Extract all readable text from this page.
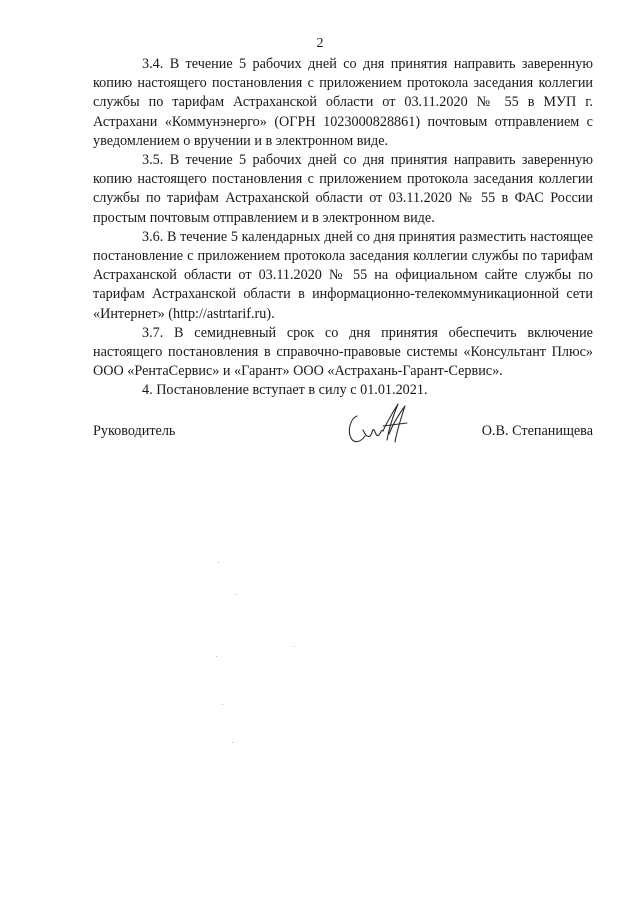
2

3.4. В течение 5 рабочих дней со дня принятия направить заверенную копию настоящего постановления с приложением протокола заседания коллегии службы по тарифам Астраханской области от 03.11.2020 № 55 в МУП г. Астрахани «Коммунэнерго» (ОГРН 1023000828861) почтовым отправлением с уведомлением о вручении и в электронном виде.

3.5. В течение 5 рабочих дней со дня принятия направить заверенную копию настоящего постановления с приложением протокола заседания коллегии службы по тарифам Астраханской области от 03.11.2020 № 55 в ФАС России простым почтовым отправлением и в электронном виде.

3.6. В течение 5 календарных дней со дня принятия разместить настоящее постановление с приложением протокола заседания коллегии службы по тарифам Астраханской области от 03.11.2020 № 55 на официальном сайте службы по тарифам Астраханской области в информационно-телекоммуникационной сети «Интернет» (http://astrtarif.ru).

3.7. В семидневный срок со дня принятия обеспечить включение настоящего постановления в справочно-правовые системы «Консультант Плюс» ООО «РентаСервис» и «Гарант» ООО «Астрахань-Гарант-Сервис».

4. Постановление вступает в силу с 01.01.2021.

Руководитель	О.В. Степанищева
